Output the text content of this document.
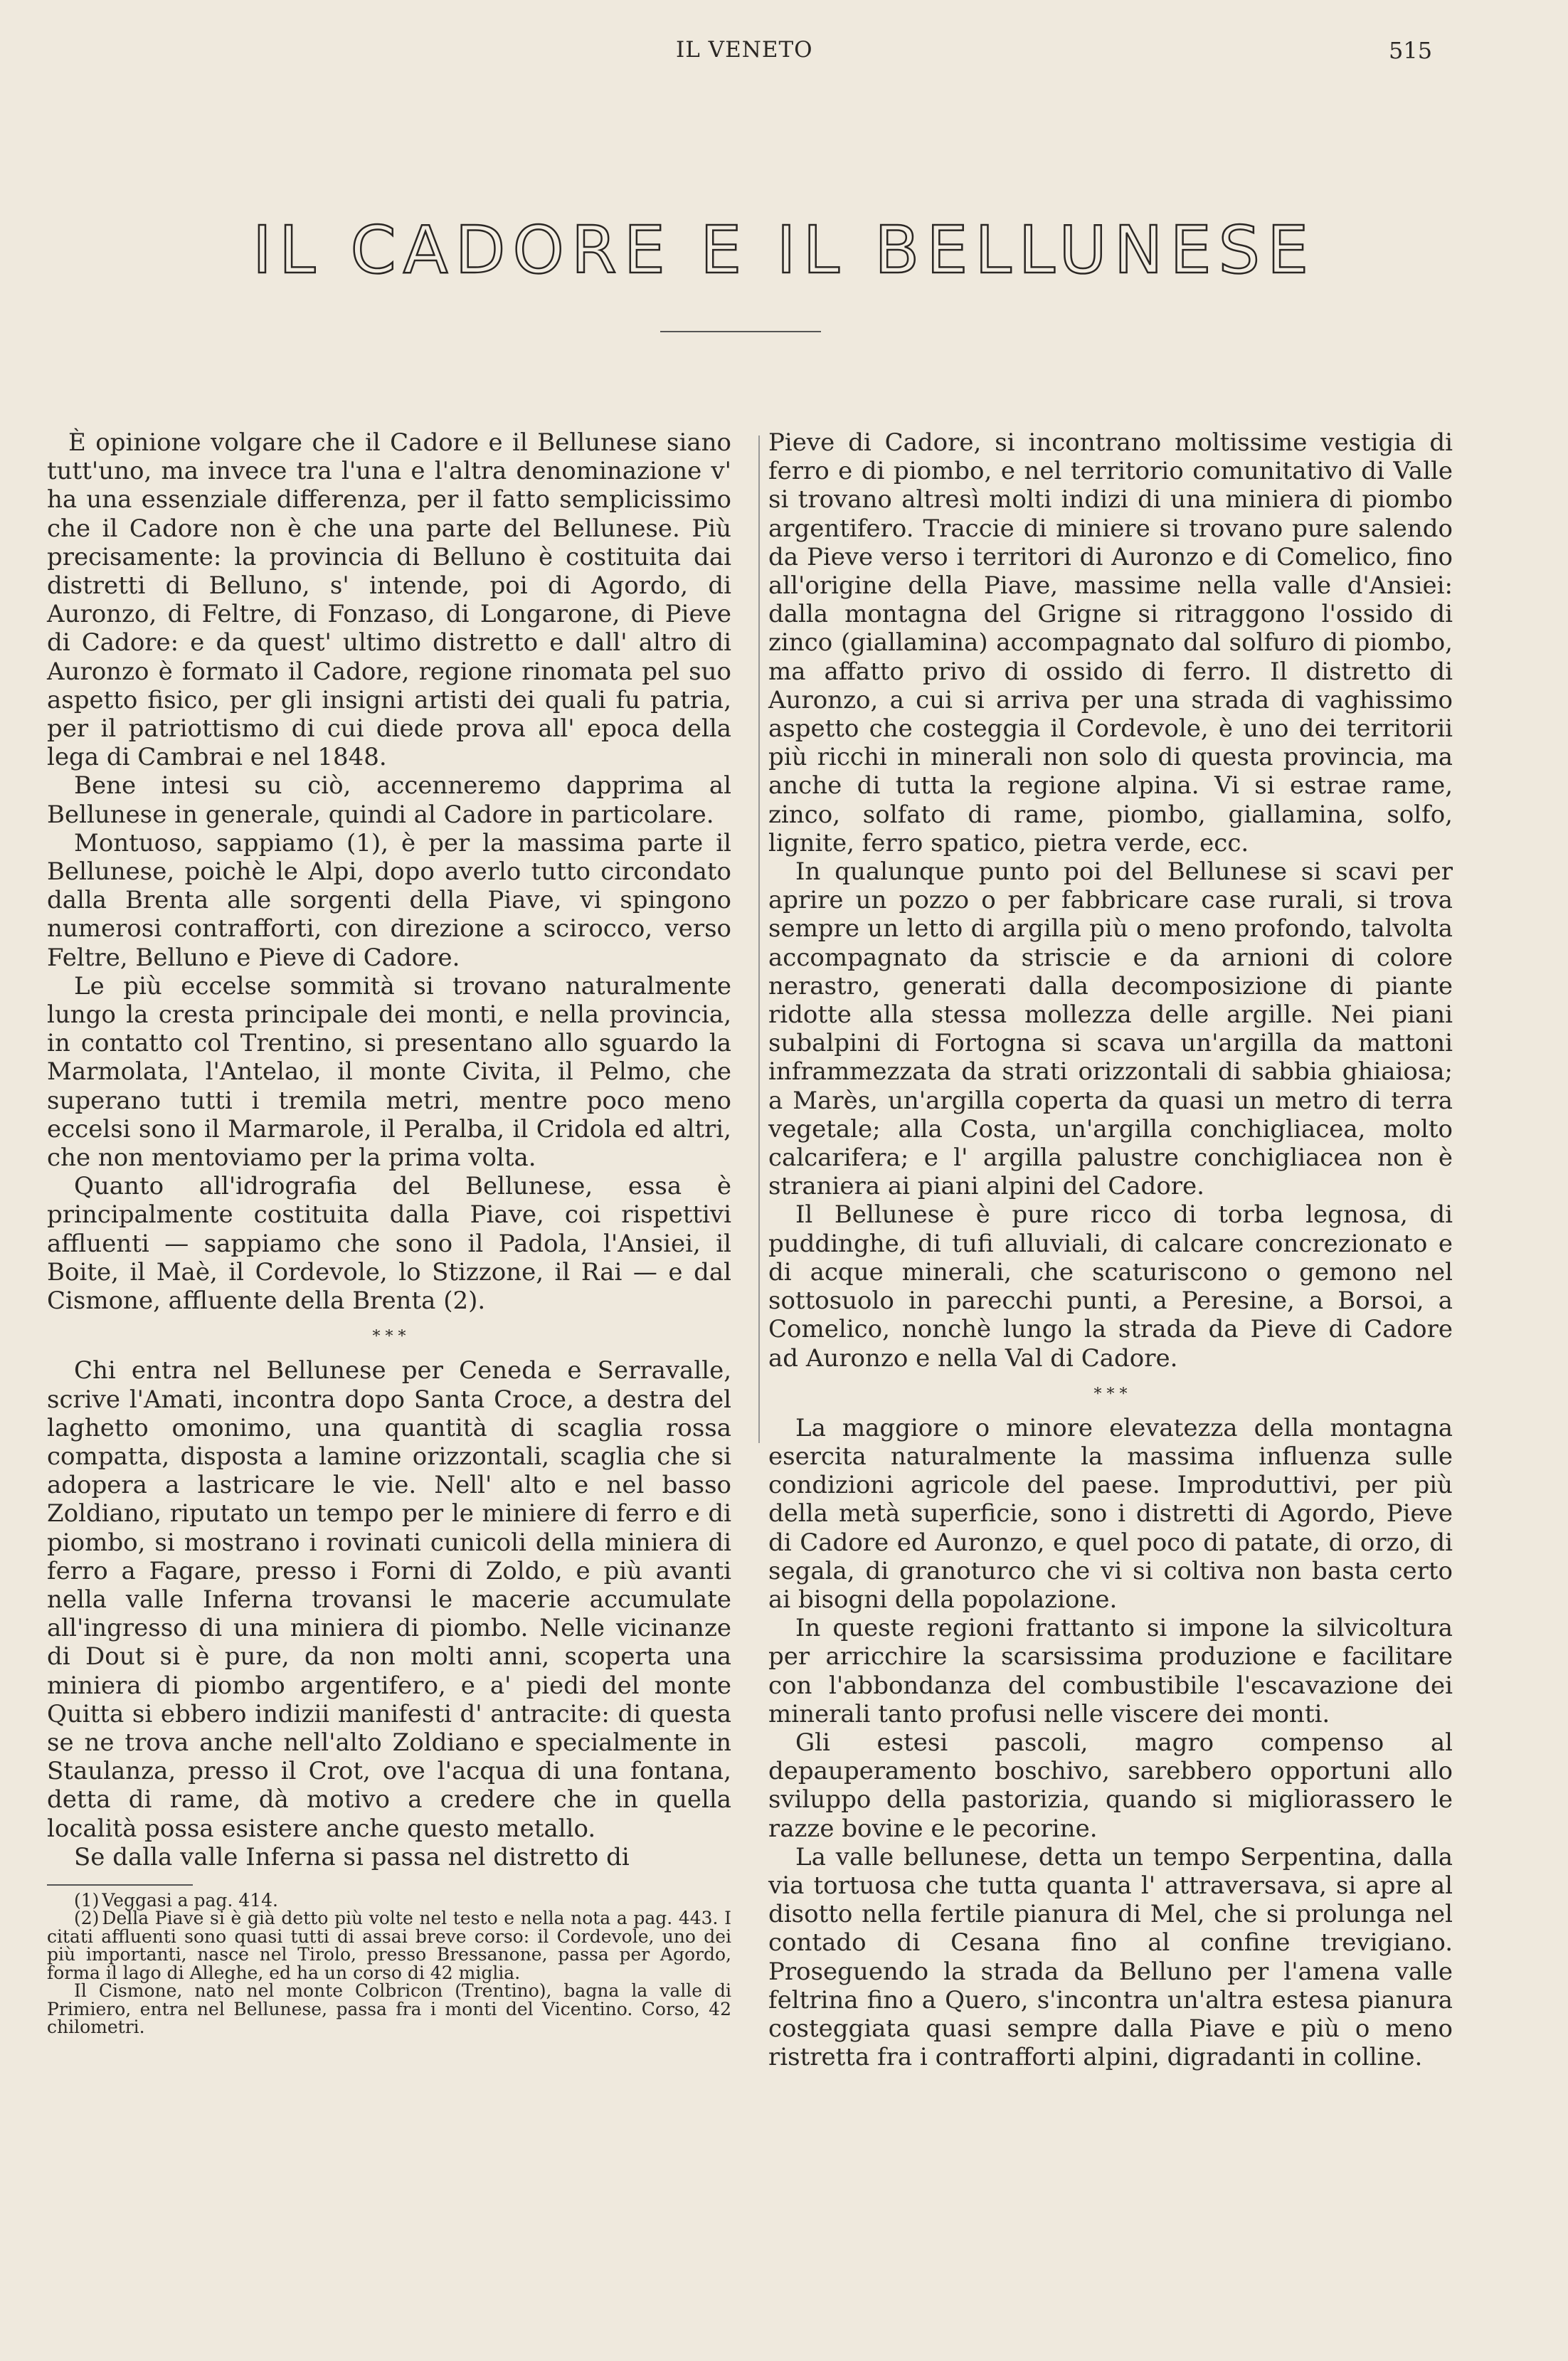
IL VENETO	515
IL CADORE E IL BELLUNESE

È opinione volgare che il Cadore e il Bellunese siano tutt'uno, ma invece tra l'una e l'altra denominazione v' ha una essenziale differenza, per il fatto semplicissimo che il Cadore non è che una parte del Bellunese. Più precisamente: la provincia di Belluno è costituita dai distretti di Belluno, s' intende, poi di Agordo, di Auronzo, di Feltre, di Fonzaso, di Longarone, di Pieve di Cadore: e da quest' ultimo distretto e dall' altro di Auronzo è formato il Cadore, regione rinomata pel suo aspetto fisico, per gli insigni artisti dei quali fu patria, per il patriottismo di cui diede prova all' epoca della lega di Cambrai e nel 1848.

Bene intesi su ciò, accenneremo dapprima al Bellunese in generale, quindi al Cadore in particolare.

Montuoso, sappiamo (1), è per la massima parte il Bellunese, poichè le Alpi, dopo averlo tutto circondato dalla Brenta alle sorgenti della Piave, vi spingono numerosi contrafforti, con direzione a scirocco, verso Feltre, Belluno e Pieve di Cadore.

Le più eccelse sommità si trovano naturalmente lungo la cresta principale dei monti, e nella provincia, in contatto col Trentino, si presentano allo sguardo la Marmolata, l'Antelao, il monte Civita, il Pelmo, che superano tutti i tremila metri, mentre poco meno eccelsi sono il Marmarole, il Peralba, il Cridola ed altri, che non mentoviamo per la prima volta.

Quanto all'idrografia del Bellunese, essa è principalmente costituita dalla Piave, coi rispettivi affluenti — sappiamo che sono il Padola, l'Ansiei, il Boite, il Maè, il Cordevole, lo Stizzone, il Rai — e dal Cismone, affluente della Brenta (2).

* * *

Chi entra nel Bellunese per Ceneda e Serravalle, scrive l'Amati, incontra dopo Santa Croce, a destra del laghetto omonimo, una quantità di scaglia rossa compatta, disposta a lamine orizzontali, scaglia che si adopera a lastricare le vie. Nell' alto e nel basso Zoldiano, riputato un tempo per le miniere di ferro e di piombo, si mostrano i rovinati cunicoli della miniera di ferro a Fagare, presso i Forni di Zoldo, e più avanti nella valle Inferna trovansi le macerie accumulate all'ingresso di una miniera di piombo. Nelle vicinanze di Dout si è pure, da non molti anni, scoperta una miniera di piombo argentifero, e a' piedi del monte Quitta si ebbero indizii manifesti d' antracite: di questa se ne trova anche nell'alto Zoldiano e specialmente in Staulanza, presso il Crot, ove l'acqua di una fontana, detta di rame, dà motivo a credere che in quella località possa esistere anche questo metallo.

Se dalla valle Inferna si passa nel distretto di

(1) Veggasi a pag. 414.

(2) Della Piave si è già detto più volte nel testo e nella nota a pag. 443. I citati affluenti sono quasi tutti di assai breve corso: il Cordevole, uno dei più importanti, nasce nel Tirolo, presso Bressanone, passa per Agordo, forma il lago di Alleghe, ed ha un corso di 42 miglia.

Il Cismone, nato nel monte Colbricon (Trentino), bagna la valle di Primiero, entra nel Bellunese, passa fra i monti del Vicentino. Corso, 42 chilometri.

Pieve di Cadore, si incontrano moltissime vestigia di ferro e di piombo, e nel territorio comunitativo di Valle si trovano altresì molti indizi di una miniera di piombo argentifero. Traccie di miniere si trovano pure salendo da Pieve verso i territori di Auronzo e di Comelico, fino all'origine della Piave, massime nella valle d'Ansiei: dalla montagna del Grigne si ritraggono l'ossido di zinco (giallamina) accompagnato dal solfuro di piombo, ma affatto privo di ossido di ferro. Il distretto di Auronzo, a cui si arriva per una strada di vaghissimo aspetto che costeggia il Cordevole, è uno dei territorii più ricchi in minerali non solo di questa provincia, ma anche di tutta la regione alpina. Vi si estrae rame, zinco, solfato di rame, piombo, giallamina, solfo, lignite, ferro spatico, pietra verde, ecc.

In qualunque punto poi del Bellunese si scavi per aprire un pozzo o per fabbricare case rurali, si trova sempre un letto di argilla più o meno profondo, talvolta accompagnato da striscie e da arnioni di colore nerastro, generati dalla decomposizione di piante ridotte alla stessa mollezza delle argille. Nei piani subalpini di Fortogna si scava un'argilla da mattoni inframmezzata da strati orizzontali di sabbia ghiaiosa; a Marès, un'argilla coperta da quasi un metro di terra vegetale; alla Costa, un'argilla conchigliacea, molto calcarifera; e l' argilla palustre conchigliacea non è straniera ai piani alpini del Cadore.

Il Bellunese è pure ricco di torba legnosa, di puddinghe, di tufi alluviali, di calcare concrezionato e di acque minerali, che scaturiscono o gemono nel sottosuolo in parecchi punti, a Peresine, a Borsoi, a Comelico, nonchè lungo la strada da Pieve di Cadore ad Auronzo e nella Val di Cadore.

* * *

La maggiore o minore elevatezza della montagna esercita naturalmente la massima influenza sulle condizioni agricole del paese. Improduttivi, per più della metà superficie, sono i distretti di Agordo, Pieve di Cadore ed Auronzo, e quel poco di patate, di orzo, di segala, di granoturco che vi si coltiva non basta certo ai bisogni della popolazione.

In queste regioni frattanto si impone la silvicoltura per arricchire la scarsissima produzione e facilitare con l'abbondanza del combustibile l'escavazione dei minerali tanto profusi nelle viscere dei monti.

Gli estesi pascoli, magro compenso al depauperamento boschivo, sarebbero opportuni allo sviluppo della pastorizia, quando si migliorassero le razze bovine e le pecorine.

La valle bellunese, detta un tempo Serpentina, dalla via tortuosa che tutta quanta l' attraversava, si apre al disotto nella fertile pianura di Mel, che si prolunga nel contado di Cesana fino al confine trevigiano. Proseguendo la strada da Belluno per l'amena valle feltrina fino a Quero, s'incontra un'altra estesa pianura costeggiata quasi sempre dalla Piave e più o meno ristretta fra i contrafforti alpini, digradanti in colline.
